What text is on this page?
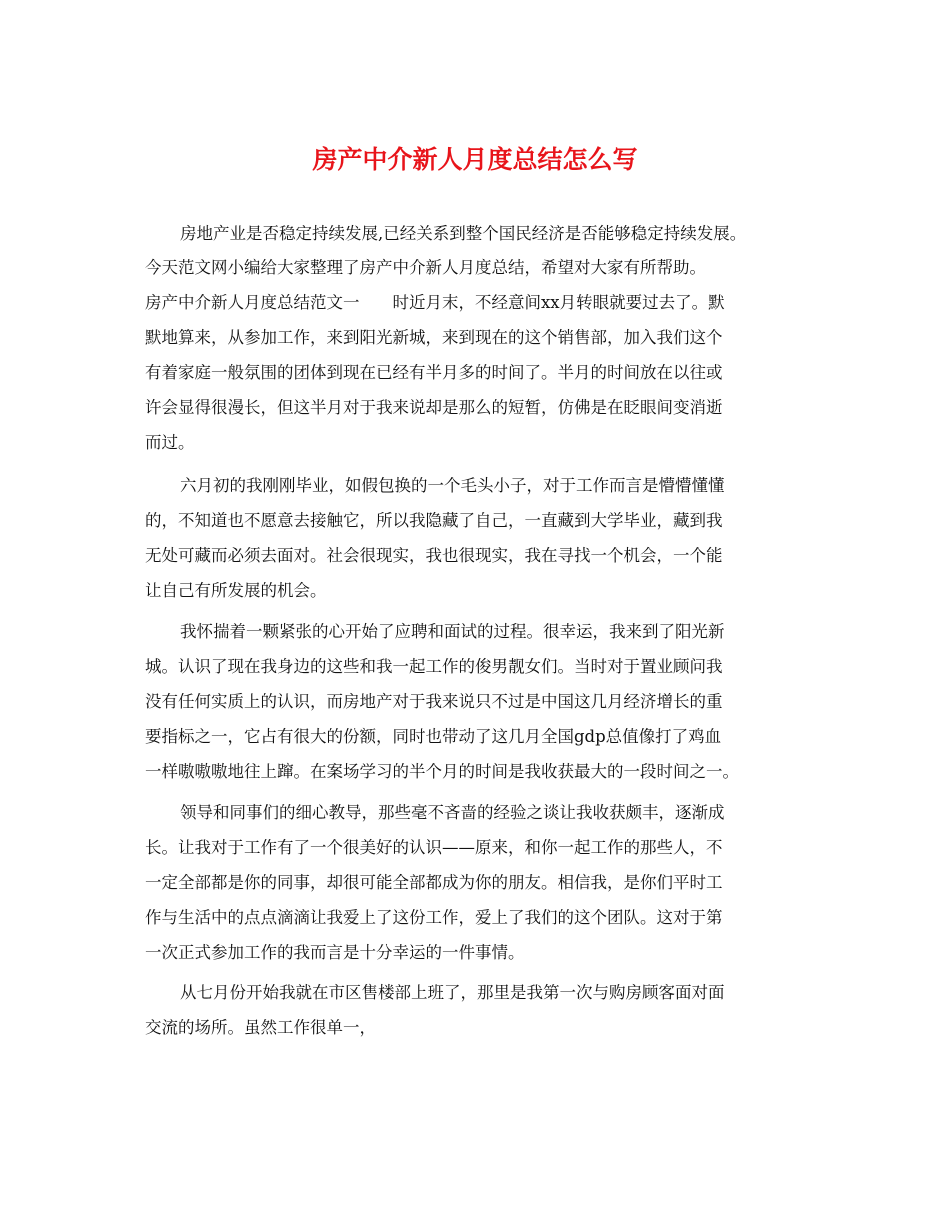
房产中介新人月度总结怎么写

房地产业是否稳定持续发展,已经关系到整个国民经济是否能够稳定持续发展。

今天范文网小编给大家整理了房产中介新人月度总结，希望对大家有所帮助。

房产中介新人月度总结范文一　　时近月末，不经意间xx月转眼就要过去了。默

默地算来，从参加工作，来到阳光新城，来到现在的这个销售部，加入我们这个

有着家庭一般氛围的团体到现在已经有半月多的时间了。半月的时间放在以往或

许会显得很漫长，但这半月对于我来说却是那么的短暂，仿佛是在眨眼间变消逝

而过。

六月初的我刚刚毕业，如假包换的一个毛头小子，对于工作而言是懵懵懂懂

的，不知道也不愿意去接触它，所以我隐藏了自己，一直藏到大学毕业，藏到我

无处可藏而必须去面对。社会很现实，我也很现实，我在寻找一个机会，一个能

让自己有所发展的机会。

我怀揣着一颗紧张的心开始了应聘和面试的过程。很幸运，我来到了阳光新

城。认识了现在我身边的这些和我一起工作的俊男靓女们。当时对于置业顾问我

没有任何实质上的认识，而房地产对于我来说只不过是中国这几月经济增长的重

要指标之一，它占有很大的份额，同时也带动了这几月全国gdp总值像打了鸡血

一样嗷嗷嗷地往上蹿。在案场学习的半个月的时间是我收获最大的一段时间之一。

领导和同事们的细心教导，那些毫不吝啬的经验之谈让我收获颇丰，逐渐成

长。让我对于工作有了一个很美好的认识——原来，和你一起工作的那些人，不

一定全部都是你的同事，却很可能全部都成为你的朋友。相信我，是你们平时工

作与生活中的点点滴滴让我爱上了这份工作，爱上了我们的这个团队。这对于第

一次正式参加工作的我而言是十分幸运的一件事情。

从七月份开始我就在市区售楼部上班了，那里是我第一次与购房顾客面对面

交流的场所。虽然工作很单一，
